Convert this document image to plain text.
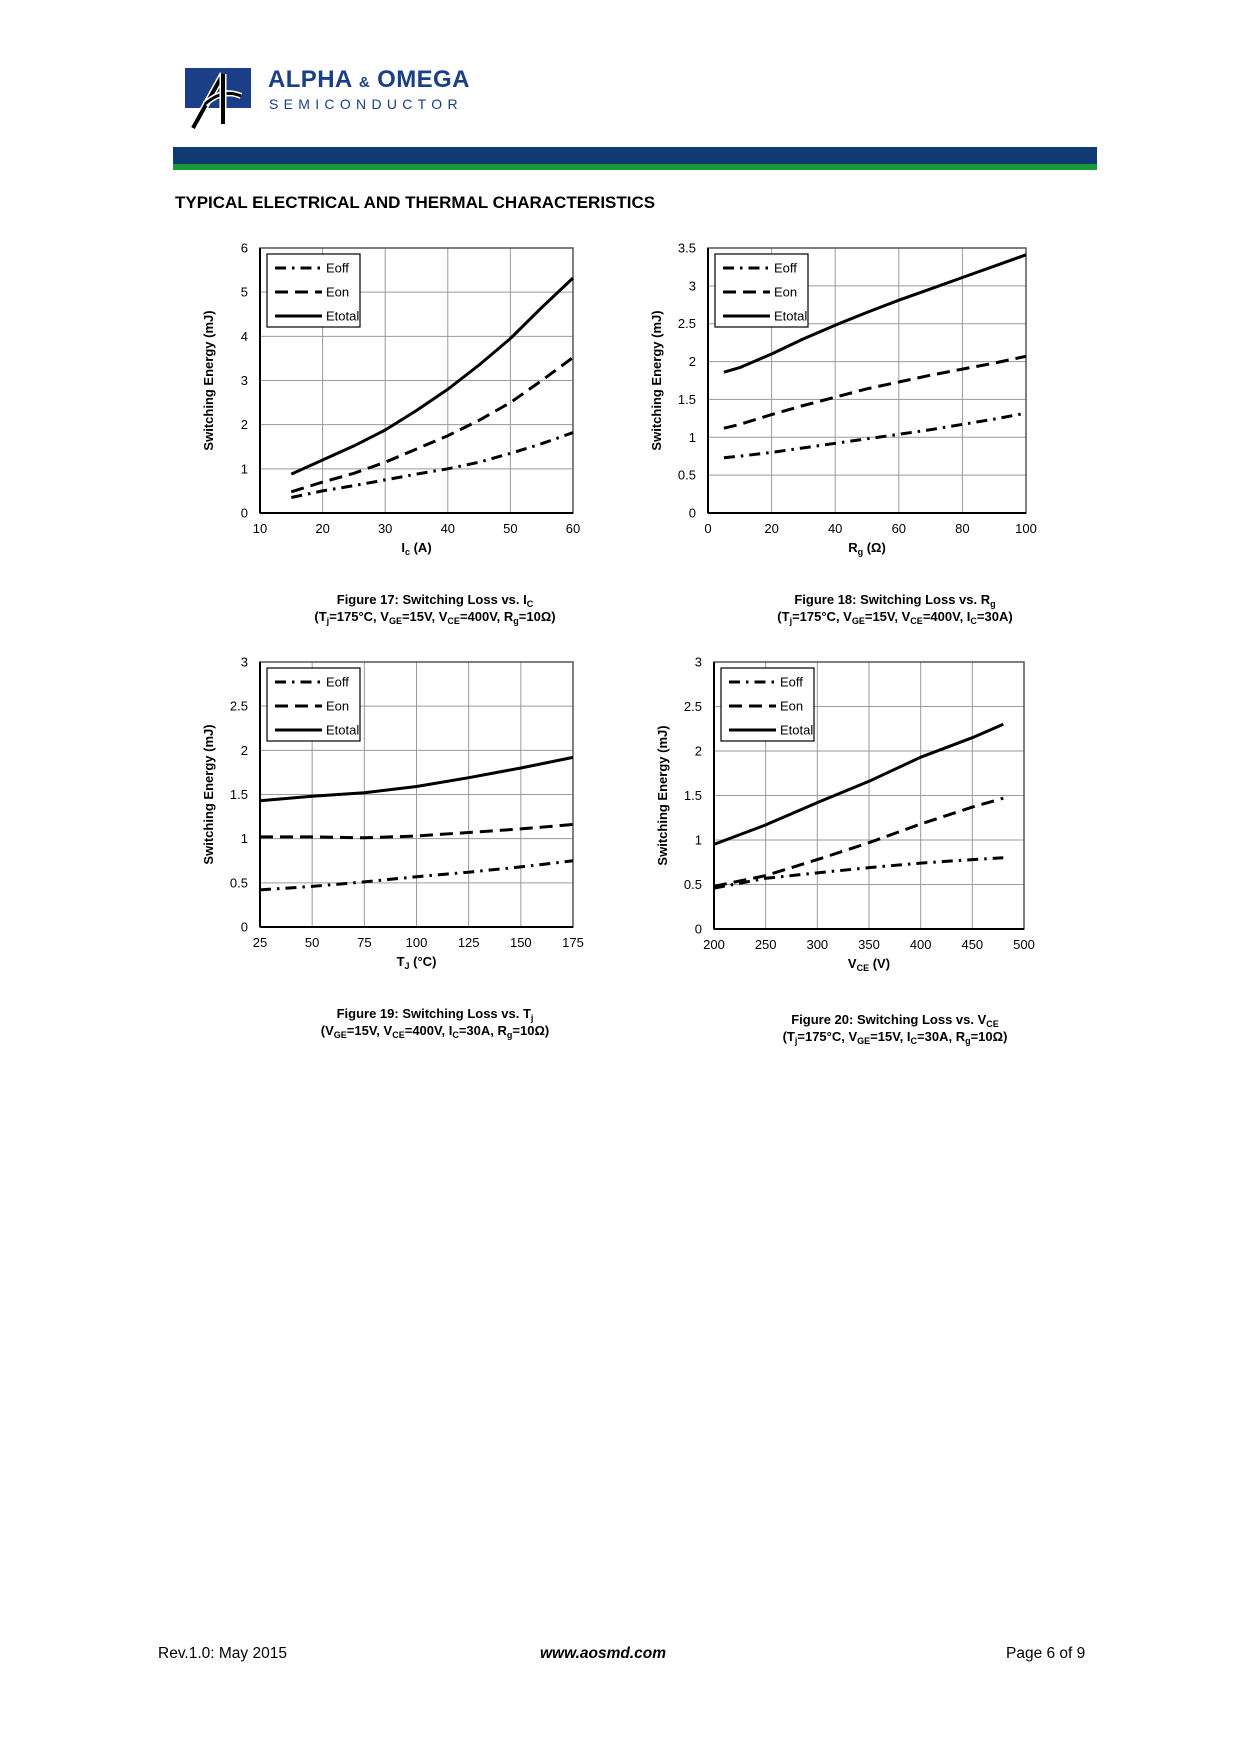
ALPHA & OMEGA
SEMICONDUCTOR
TYPICAL ELECTRICAL AND THERMAL CHARACTERISTICS
10	20	30	40	50	60
0
1
2
3
4
5
6
Switching Energy (mJ)
$I_c$ (A)
Eoff
Eon
Etotal
Figure 17: Switching Loss vs. $I_C$
($T_j=175^\circ C$, $V_{GE}=15V$, $V_{CE}=400V$, $R_g=10\Omega$)
0	20	40	60	80	100
0
0.5
1
1.5
2
2.5
3
3.5
Switching Energy (mJ)
$R_g$ (Ω)
Eoff
Eon
Etotal
Figure 18: Switching Loss vs. $R_g$
($T_j=175^\circ C$, $V_{GE}=15V$, $V_{CE}=400V$, $I_C=30A$)
25	50	75	100 125 150 175
0
0.5
1
1.5
2
2.5
3
Switching Energy (mJ)
$T_J$ (°C)
Eoff
Eon
Etotal
Figure 19: Switching Loss vs. $T_j$
($V_{GE}=15V$, $V_{CE}=400V$, $I_C=30A$, $R_g=10\Omega$)
200 250 300 350 400 450 500
0
0.5
1
1.5
2
2.5
3
Switching Energy (mJ)
$V_{CE}$ (V)
Eoff
Eon
Etotal
Figure 20: Switching Loss vs. $V_{CE}$
($T_j=175^\circ C$, $V_{GE}=15V$, $I_C=30A$, $R_g=10\Omega$)
Rev.1.0: May 2015	www.aosmd.com	Page 6 of 9
